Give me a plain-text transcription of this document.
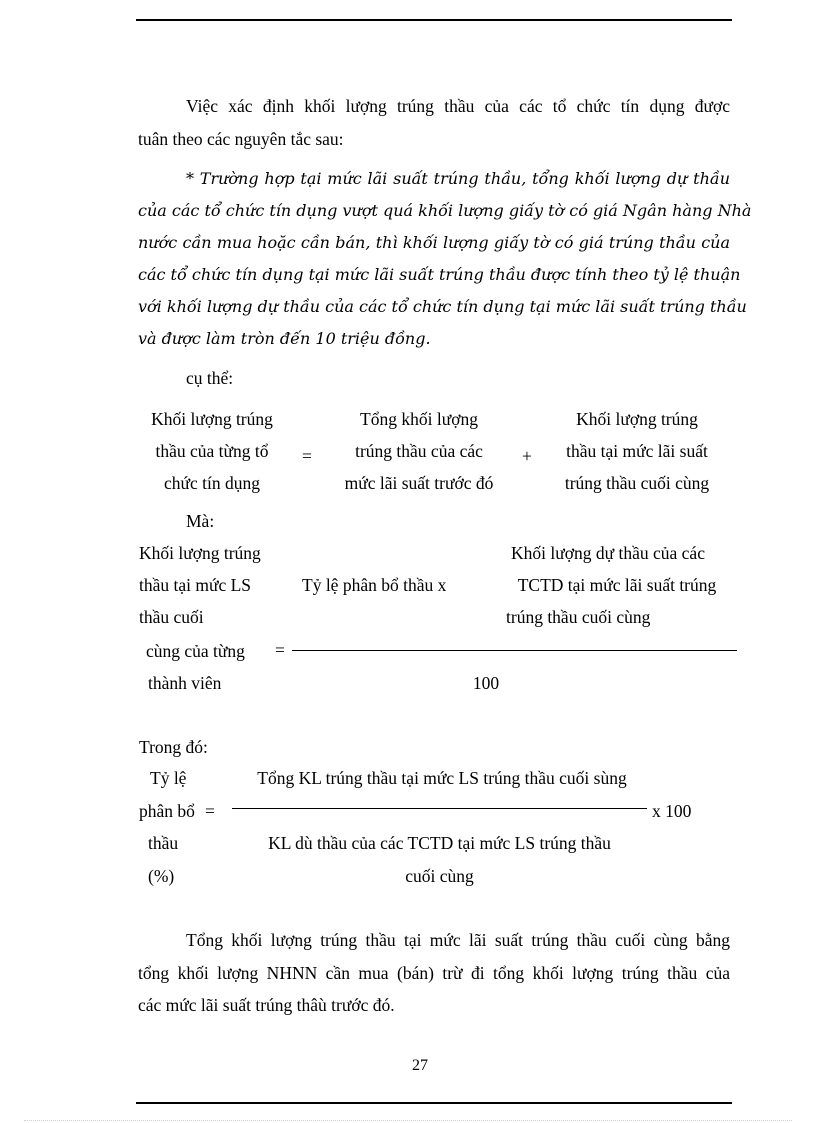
Việc xác định khối lượng trúng thầu của các tổ chức tín dụng được
tuân theo các nguyên tắc sau:
* Trường hợp tại mức lãi suất trúng thầu, tổng khối lượng dự thầu
của các tổ chức tín dụng vượt quá khối lượng giấy tờ có giá Ngân hàng Nhà
nước cần mua hoặc cần bán, thì khối lượng giấy tờ có giá trúng thầu của
các tổ chức tín dụng tại mức lãi suất trúng thầu được tính theo tỷ lệ thuận
với khối lượng dự thầu của các tổ chức tín dụng tại mức lãi suất trúng thầu
và được làm tròn đến 10 triệu đồng.
cụ thể:
Khối lượng trúng
thầu của từng tổ
chức tín dụng
=
Tổng khối lượng
trúng thầu của các
mức lãi suất trước đó
+
Khối lượng trúng
thầu tại mức lãi suất
trúng thầu cuối cùng
Mà:
Khối lượng trúng
thầu tại mức LS
thầu cuối
cùng của từng
thành viên
Tỷ lệ phân bổ thầu x
Khối lượng dự thầu của các
TCTD tại mức lãi suất trúng
trúng thầu cuối cùng
=
100
Trong đó:
Tỷ lệ
phân bổ =
thầu
(%)
Tổng KL trúng thầu tại mức LS trúng thầu cuối sùng
x 100
KL dù thầu của các TCTD tại mức LS trúng thầu
cuối cùng
Tổng khối lượng trúng thầu tại mức lãi suất trúng thầu cuối cùng bằng
tổng khối lượng NHNN cần mua (bán) trừ đi tổng khối lượng trúng thầu của
các mức lãi suất trúng thâù trước đó.
27
